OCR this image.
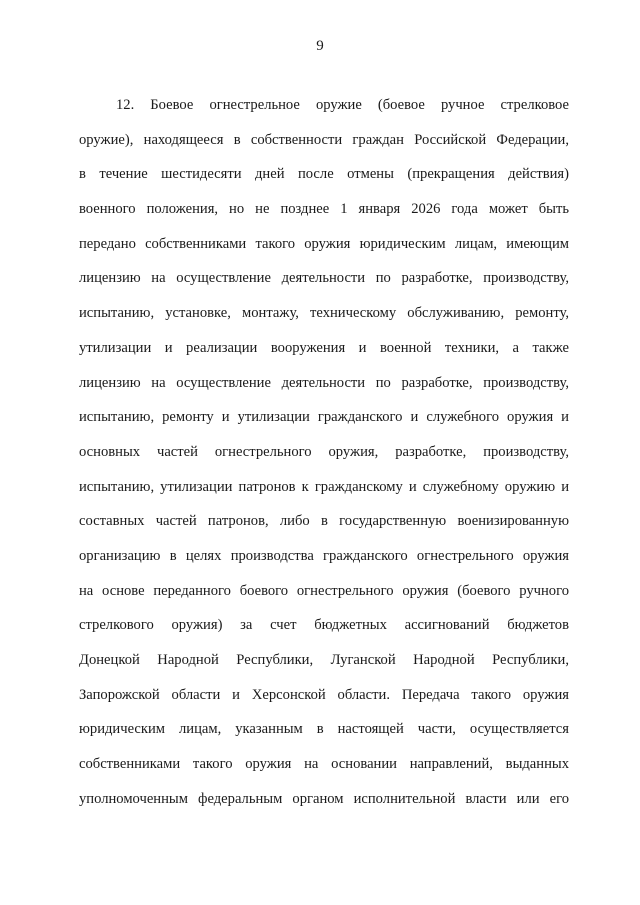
9
12. Боевое огнестрельное оружие (боевое ручное стрелковое
оружие), находящееся в собственности граждан Российской Федерации,
в течение шестидесяти дней после отмены (прекращения действия)
военного положения, но не позднее 1 января 2026 года может быть
передано собственниками такого оружия юридическим лицам, имеющим
лицензию на осуществление деятельности по разработке, производству,
испытанию, установке, монтажу, техническому обслуживанию, ремонту,
утилизации и реализации вооружения и военной техники, а также
лицензию на осуществление деятельности по разработке, производству,
испытанию, ремонту и утилизации гражданского и служебного оружия и
основных частей огнестрельного оружия, разработке, производству,
испытанию, утилизации патронов к гражданскому и служебному оружию и
составных частей патронов, либо в государственную военизированную
организацию в целях производства гражданского огнестрельного оружия
на основе переданного боевого огнестрельного оружия (боевого ручного
стрелкового оружия) за счет бюджетных ассигнований бюджетов
Донецкой Народной Республики, Луганской Народной Республики,
Запорожской области и Херсонской области. Передача такого оружия
юридическим лицам, указанным в настоящей части, осуществляется
собственниками такого оружия на основании направлений, выданных
уполномоченным федеральным органом исполнительной власти или его
